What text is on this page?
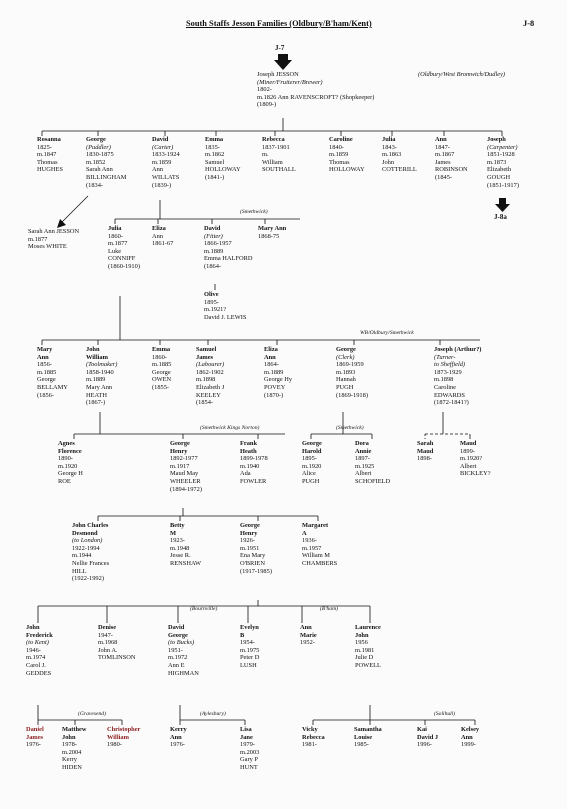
South Staffs Jesson Families (Oldbury/B'ham/Kent)	J-8
J-7
Joseph JESSON
(Miner/Fruiterer/Brewer)
1802-
m.1826 Ann RAVENSCROFT? (Shopkeeper)
(1809-)
(Oldbury/West Bromwich/Dudley)
Rosanna
1825-
m.1847
Thomas
HUGHES
George
(Puddler)
1830-1875
m.1852
Sarah Ann
BILLINGHAM
(1834-
David
(Carter)
1833-1924
m.1859
Ann
WILLATS
(1839-)
Emma
1835-
m.1862
Samuel
HOLLOWAY
(1841-)
Rebecca
1837-1901
m.
William
SOUTHALL
Caroline
1840-
m.1859
Thomas
HOLLOWAY
Julia
1843-
m.1863
John
COTTERILL
Ann
1847-
m.1867
James
ROBINSON
(1845-
Joseph
(Carpenter)
1851-1928
m.1873
Elizabeth
GOUGH
(1851-1917)
J-8a
Sarah Ann JESSON
m.1877
Moses WHITE
(Smethwick)
Julia
1860-
m.1877
Luke
CONNIFF
(1860-1910)
Eliza
Ann
1861-67
David
(Fitter)
1866-1957
m.1889
Emma HALFORD
(1864-
Mary Ann
1868-75
Olive
1895-
m.1921?
David J. LEWIS
WB/Oldbury/Smethwick
Mary
Ann
1856-
m.1885
George
BELLAMY
(1856-
John
William
(Toolmaker)
1858-1940
m.1889
Mary Ann
HEATH
(1867-)
Emma
1860-
m.1885
George
OWEN
(1855-
Samuel
James
(Labourer)
1862-1902
m.1898
Elizabeth J
KEELEY
(1854-
Eliza
Ann
1864-
m.1889
George Hy
POVEY
(1870-)
George
(Clerk)
1869-1959
m.1893
Hannah
PUGH
(1869-1918)
Joseph (Arthur?)
(Turner-
to Sheffield)
1873-1929
m.1898
Caroline
EDWARDS
(1872-1841?)
(Smethwick Kings Norton)	(Smethwick)
Agnes
Florence
1890-
m.1920
George H
ROE
George
Henry
1892-1977
m.1917
Maud May
WHEELER
(1894-1972)
Frank
Heath
1899-1978
m.1940
Ada
FOWLER
George
Harold
1895-
m.1920
Alice
PUGH
Dora
Annie
1897-
m.1925
Albert
SCHOFIELD
Sarah
Maud
1898-
Maud
1899-
m.1920?
Albert
BICKLEY?
John Charles
Desmond
(to London)
1922-1994
m.1944
Nellie Frances
HILL
(1922-1992)
Betty
M
1923-
m.1948
Jesse R.
RENSHAW
George
Henry
1926-
m.1951
Ena Mary
O'BRIEN
(1917-1985)
Margaret
A
1936-
m.1957
William M
CHAMBERS
(Bournville)	(B'ham)
John
Frederick
(to Kent)
1946-
m.1974
Carol J.
GEDDES
Denise
1947-
m.1968
John A.
TOMLINSON
David
George
(to Bucks)
1951-
m.1972
Ann E
HIGHMAN
Evelyn
B
1954-
m.1975
Peter D
LUSH
Ann
Marie
1952-
Laurence
John
1956
m.1981
Julie D
POWELL
(Gravesend)	(Aylesbury)	(Solihull)
Daniel
James
1976-
Matthew
John
1978-
m.2004
Kerry
HIDEN
Christopher
William
1980-
Kerry
Ann
1976-
Lisa
Jane
1979-
m.2003
Gary P
HUNT
Vicky
Rebecca
1981-
Samantha
Louise
1985-
Kai
David J
1996-
Kelsey
Ann
1999-
